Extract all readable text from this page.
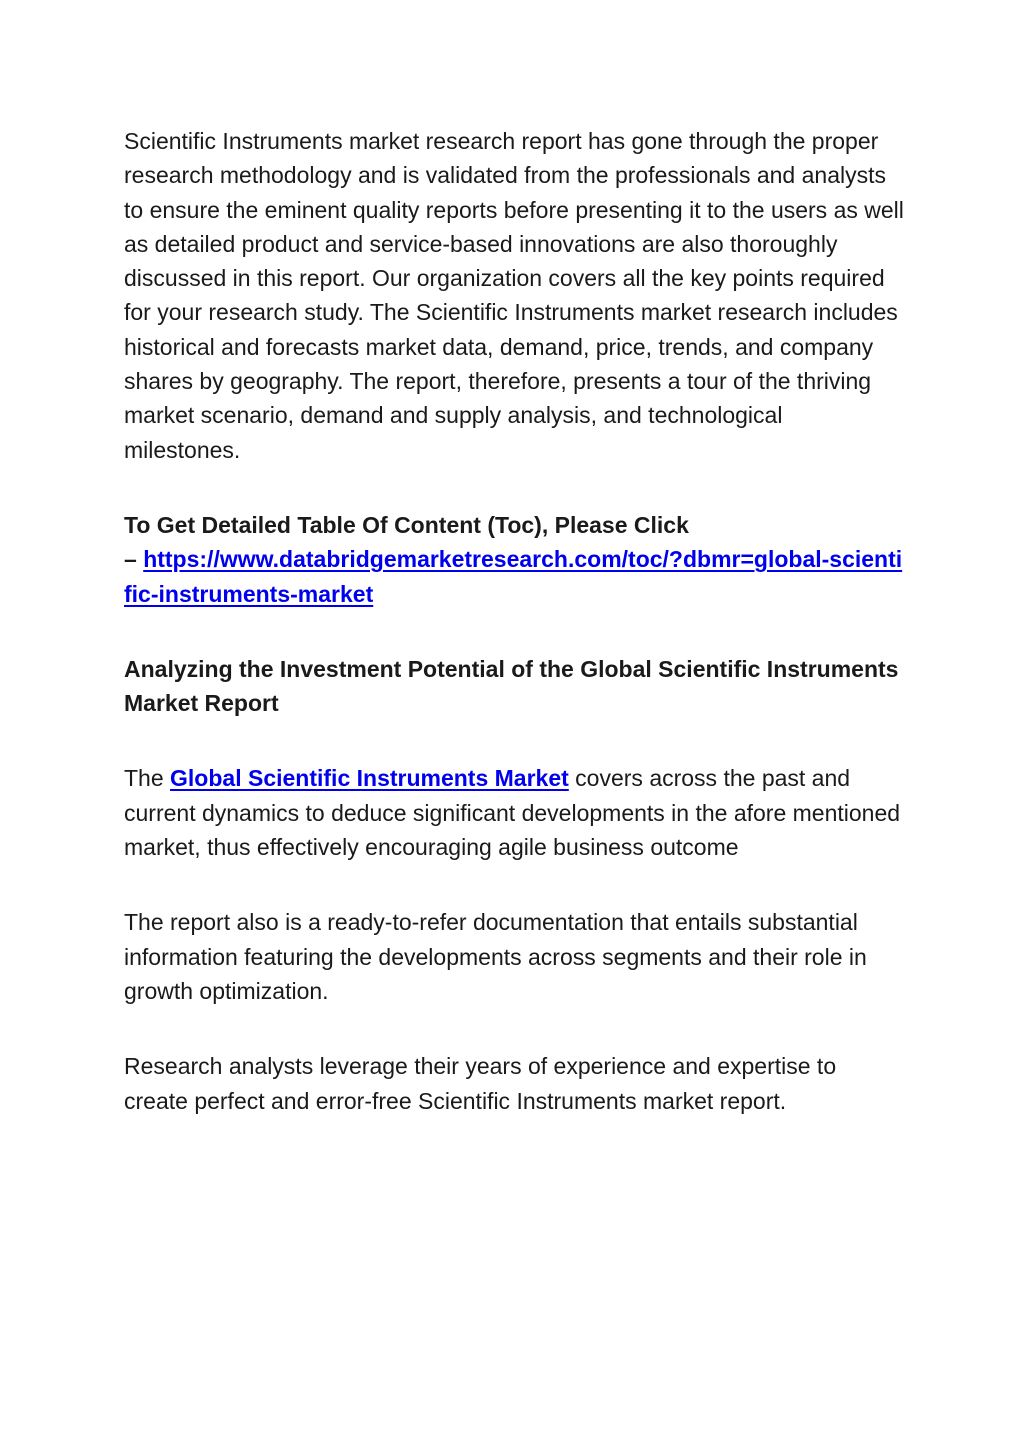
Scientific Instruments market research report has gone through the proper research methodology and is validated from the professionals and analysts to ensure the eminent quality reports before presenting it to the users as well as detailed product and service-based innovations are also thoroughly discussed in this report. Our organization covers all the key points required for your research study. The Scientific Instruments market research includes historical and forecasts market data, demand, price, trends, and company shares by geography. The report, therefore, presents a tour of the thriving market scenario, demand and supply analysis, and technological milestones.

To Get Detailed Table Of Content (Toc), Please Click
– https://www.databridgemarketresearch.com/toc/?dbmr=global-scientific-instruments-market

Analyzing the Investment Potential of the Global Scientific Instruments Market Report

The Global Scientific Instruments Market covers across the past and current dynamics to deduce significant developments in the afore mentioned market, thus effectively encouraging agile business outcome

The report also is a ready-to-refer documentation that entails substantial information featuring the developments across segments and their role in growth optimization.

Research analysts leverage their years of experience and expertise to create perfect and error-free Scientific Instruments market report.
